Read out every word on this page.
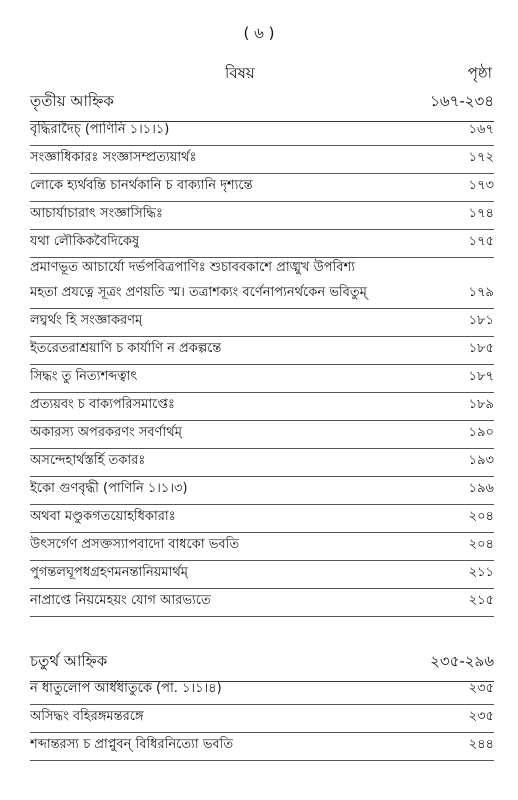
( ৬ )
বিষয়	পৃষ্ঠা
তৃতীয় আহ্নিক	১৬৭-২৩৪
বৃদ্ধিরাদৈচ্ (পাণিনি ১।১।১)	১৬৭
সংজ্ঞাধিকারঃ সংজ্ঞাসম্প্রত্যয়ার্থঃ	১৭২
লোকে হ্যর্থবন্তি চানর্থকানি চ বাক্যানি দৃশ্যন্তে	১৭৩
আচার্যাচারাৎ সংজ্ঞাসিদ্ধিঃ	১৭৪
যথা লৌকিকবৈদিকেষু	১৭৫
প্রমাণভূত আচার্যো দর্ভপবিত্রপাণিঃ শুচাববকাশে প্রাঙ্মুখ উপবিশ্য
মহতা প্রযত্নে সূত্রং প্রণয়তি স্ম। তত্রাশক্যং বর্ণেনাপ্যনর্থকেন ভবিতুম্	১৭৯
লঘ্বর্থং হি সংজ্ঞাকরণম্	১৮১
ইতরেতরাশ্রয়াণি চ কার্যাণি ন প্রকল্পন্তে	১৮৫
সিদ্ধং তু নিত্যশব্দত্বাৎ	১৮৭
প্রত্যয়বং চ বাক্যপরিসমাপ্তেঃ	১৮৯
অকারস্য অপরকরণং সবর্ণার্থম্	১৯০
অসন্দেহার্থস্তর্হি তকারঃ	১৯৩
ইকো গুণবৃদ্ধী (পাণিনি ১।১।৩)	১৯৬
অথবা মণ্ডুকগতয়োহধিকারাঃ	২০৪
উৎসর্গেণ প্রসক্তস্যাপবাদো বাধকো ভবতি	২০৪
পুগন্তলঘূপধগ্রহণমনন্তানিয়মার্থম্	২১১
নাপ্রাপ্তে নিয়মেহয়ং যোগ আরভ্যতে	২১৫
চতুর্থ আহ্নিক	২৩৫-২৯৬
ন ধাতুলোপ আর্ধধাতুকে (পা. ১।১।৪)	২৩৫
অসিদ্ধং বহিরঙ্গমন্তরঙ্গে	২৩৫
শব্দান্তরস্য চ প্রাপ্নুবন্ বিধিরনিত্যো ভবতি	২৪৪
